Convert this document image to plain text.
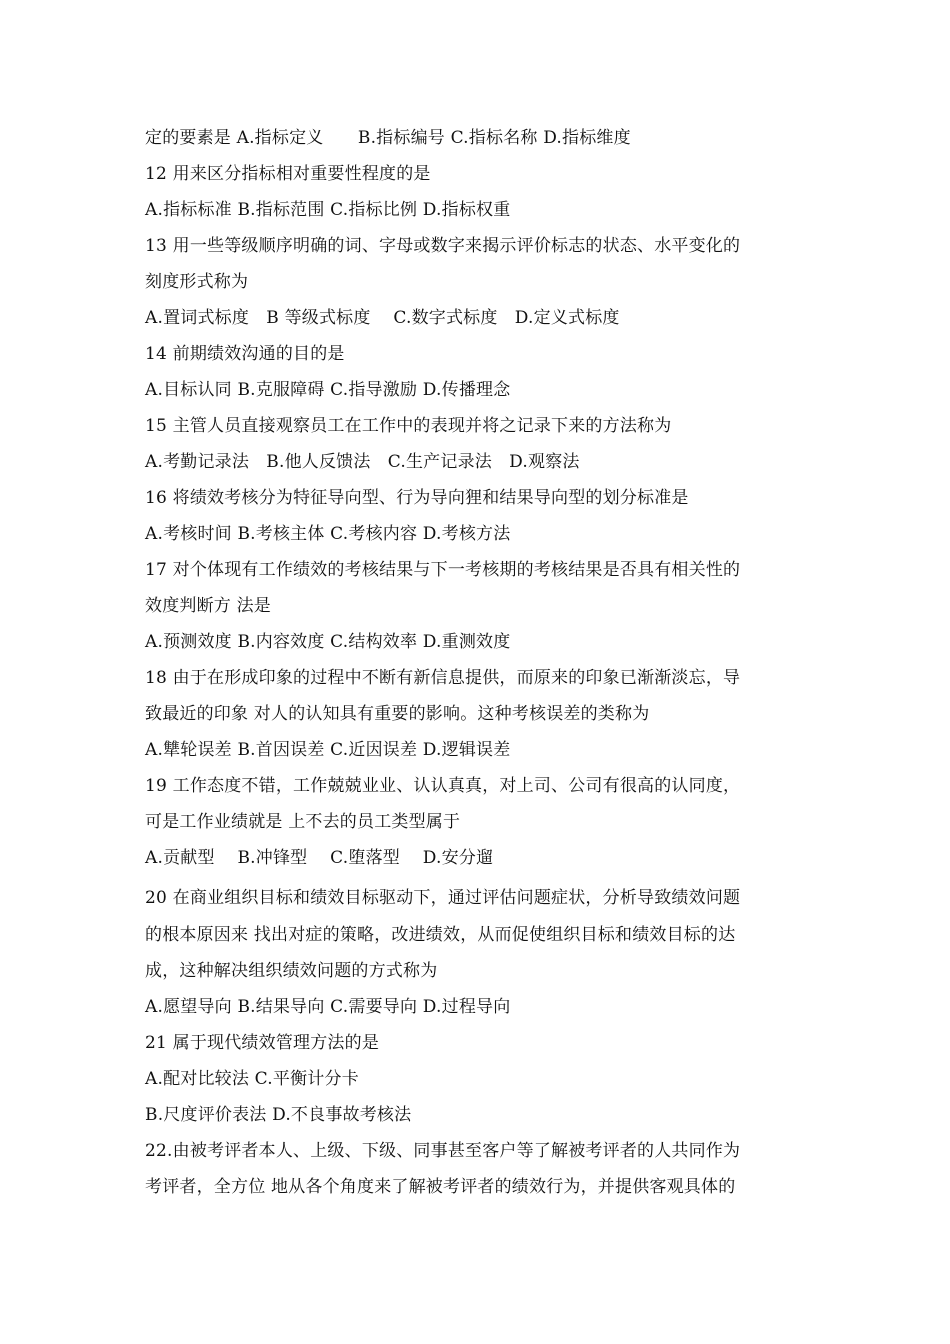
定的要素是 A.指标定义　　B.指标编号 C.指标名称 D.指标维度

12 用来区分指标相对重要性程度的是

A.指标标准 B.指标范围 C.指标比例 D.指标权重

13 用一些等级顺序明确的词、字母或数字来揭示评价标志的状态、水平变化的

刻度形式称为

A.置词式标度　B 等级式标度　 C.数字式标度　D.定义式标度

14 前期绩效沟通的目的是

A.目标认同 B.克服障碍 C.指导激励 D.传播理念

15 主管人员直接观察员工在工作中的表现并将之记录下来的方法称为

A.考勤记录法　B.他人反馈法　C.生产记录法　D.观察法

16 将绩效考核分为特征导向型、行为导向狸和结果导向型的划分标准是

A.考核时间 B.考核主体 C.考核内容 D.考核方法

17 对个体现有工作绩效的考核结果与下一考核期的考核结果是否具有相关性的

效度判断方 法是

A.预测效度 B.内容效度 C.结构效率 D.重测效度

18 由于在形成印象的过程中不断有新信息提供，而原来的印象已渐渐淡忘，导

致最近的印象 对人的认知具有重要的影响。这种考核误差的类称为

A.犨轮误差 B.首因误差 C.近因误差 D.逻辑误差

19 工作态度不错，工作兢兢业业、认认真真，对上司、公司有很高的认同度，

可是工作业绩就是 上不去的员工类型属于

A.贡献型　 B.冲锋型　 C.堕落型　 D.安分遛

20 在商业组织目标和绩效目标驱动下，通过评估问题症状，分析导致绩效问题

的根本原因来 找出对症的策略，改进绩效，从而促使组织目标和绩效目标的达

成，这种解决组织绩效问题的方式称为

A.愿望导向 B.结果导向 C.需要导向 D.过程导向

21 属于现代绩效管理方法的是

A.配对比较法 C.平衡计分卡

B.尺度评价表法 D.不良事故考核法

22.由被考评者本人、上级、下级、同事甚至客户等了解被考评者的人共同作为

考评者，全方位 地从各个角度来了解被考评者的绩效行为，并提供客观具体的
